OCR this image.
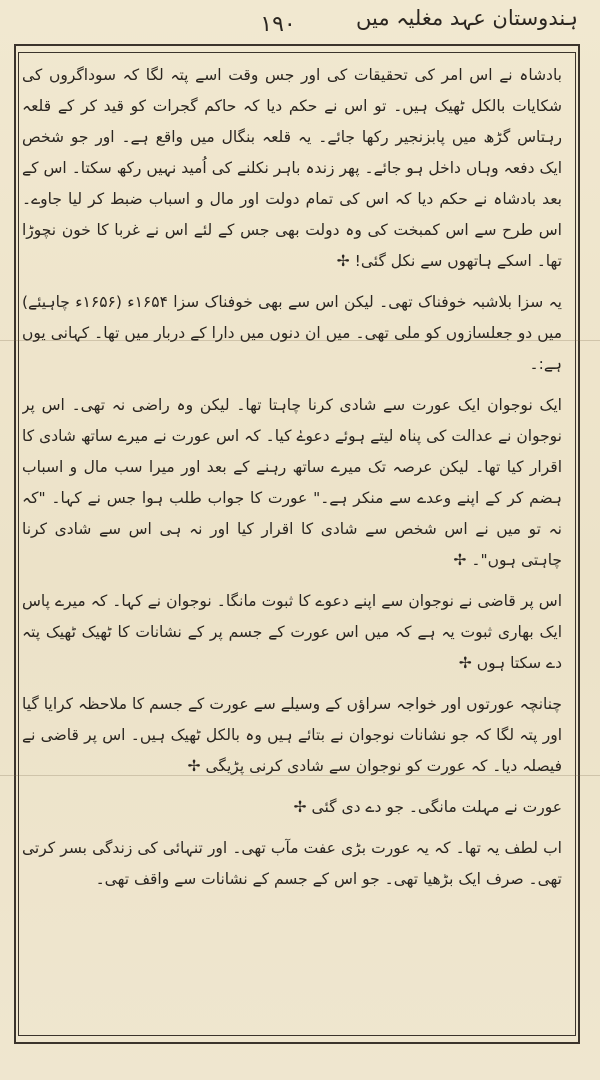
۱۹۰	ہندوستان عہد مغلیہ میں

بادشاہ نے اس امر کی تحقیقات کی اور جس وقت اسے پتہ لگا کہ سوداگروں کی شکایات بالکل ٹھیک ہیں۔ تو اس نے حکم دیا کہ حاکم گجرات کو قید کر کے قلعہ رہتاس گڑھ میں پابزنجیر رکھا جائے۔ یہ قلعہ بنگال میں واقع ہے۔ اور جو شخص ایک دفعہ وہاں داخل ہو جائے۔ پھر زندہ باہر نکلنے کی اُمید نہیں رکھ سکتا۔ اس کے بعد بادشاہ نے حکم دیا کہ اس کی تمام دولت اور مال و اسباب ضبط کر لیا جاوے۔ اس طرح سے اس کمبخت کی وہ دولت بھی جس کے لئے اس نے غربا کا خون نچوڑا تھا۔ اسکے ہاتھوں سے نکل گئی! ✢

یہ سزا بلاشبہ خوفناک تھی۔ لیکن اس سے بھی خوفناک سزا ۱۶۵۴ء (۱۶۵۶ء چاہیئے) میں دو جعلسازوں کو ملی تھی۔ میں ان دنوں میں دارا کے دربار میں تھا۔ کہانی یوں ہے:۔

ایک نوجوان ایک عورت سے شادی کرنا چاہتا تھا۔ لیکن وہ راضی نہ تھی۔ اس پر نوجوان نے عدالت کی پناہ لیتے ہوئے دعوےٰ کیا۔ کہ اس عورت نے میرے ساتھ شادی کا اقرار کیا تھا۔ لیکن عرصہ تک میرے ساتھ رہنے کے بعد اور میرا سب مال و اسباب ہضم کر کے اپنے وعدے سے منکر ہے۔" عورت کا جواب طلب ہوا جس نے کہا۔ "کہ نہ تو میں نے اس شخص سے شادی کا اقرار کیا اور نہ ہی اس سے شادی کرنا چاہتی ہوں"۔ ✢

اس پر قاضی نے نوجوان سے اپنے دعوے کا ثبوت مانگا۔ نوجوان نے کہا۔ کہ میرے پاس ایک بھاری ثبوت یہ ہے کہ میں اس عورت کے جسم پر کے نشانات کا ٹھیک ٹھیک پتہ دے سکتا ہوں ✢

چنانچہ عورتوں اور خواجہ سراؤں کے وسیلے سے عورت کے جسم کا ملاحظہ کرایا گیا اور پتہ لگا کہ جو نشانات نوجوان نے بتائے ہیں وہ بالکل ٹھیک ہیں۔ اس پر قاضی نے فیصلہ دیا۔ کہ عورت کو نوجوان سے شادی کرنی پڑیگی ✢

عورت نے مہلت مانگی۔ جو دے دی گئی ✢

اب لطف یہ تھا۔ کہ یہ عورت بڑی عفت مآب تھی۔ اور تنہائی کی زندگی بسر کرتی تھی۔ صرف ایک بڑھیا تھی۔ جو اس کے جسم کے نشانات سے واقف تھی۔
